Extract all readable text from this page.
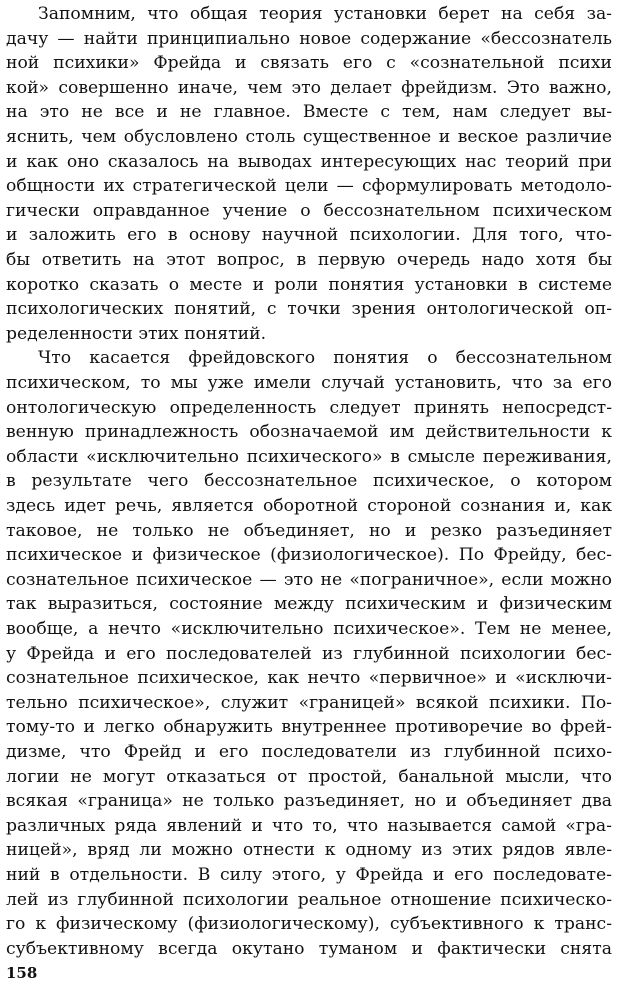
Запомним, что общая теория установки берет на себя за-
дачу — найти принципиально новое содержание «бессознатель
ной психики» Фрейда и связать его с «сознательной психи
кой» совершенно иначе, чем это делает фрейдизм. Это важно,
на это не все и не главное. Вместе с тем, нам следует вы-
яснить, чем обусловлено столь существенное и веское различие
и как оно сказалось на выводах интересующих нас теорий при
общности их стратегической цели — сформулировать методоло-
гически оправданное учение о бессознательном психическом
и заложить его в основу научной психологии. Для того, что-
бы ответить на этот вопрос, в первую очередь надо хотя бы
коротко сказать о месте и роли понятия установки в системе
психологических понятий, с точки зрения онтологической оп-
ределенности этих понятий.
Что касается фрейдовского понятия о бессознательном
психическом, то мы уже имели случай установить, что за его
онтологическую определенность следует принять непосредст-
венную принадлежность обозначаемой им действительности к
области «исключительно психического» в смысле переживания,
в результате чего бессознательное психическое, о котором
здесь идет речь, является оборотной стороной сознания и, как
таковое, не только не объединяет, но и резко разъединяет
психическое и физическое (физиологическое). По Фрейду, бес-
сознательное психическое — это не «пограничное», если можно
так выразиться, состояние между психическим и физическим
вообще, а нечто «исключительно психическое». Тем не менее,
у Фрейда и его последователей из глубинной психологии бес-
сознательное психическое, как нечто «первичное» и «исключи-
тельно психическое», служит «границей» всякой психики. По-
тому-то и легко обнаружить внутреннее противоречие во фрей-
дизме, что Фрейд и его последователи из глубинной психо-
логии не могут отказаться от простой, банальной мысли, что
всякая «граница» не только разъединяет, но и объединяет два
различных ряда явлений и что то, что называется самой «гра-
ницей», вряд ли можно отнести к одному из этих рядов явле-
ний в отдельности. В силу этого, у Фрейда и его последовате-
лей из глубинной психологии реальное отношение психическо-
го к физическому (физиологическому), субъективного к транс-
субъективному всегда окутано туманом и фактически снята
158
